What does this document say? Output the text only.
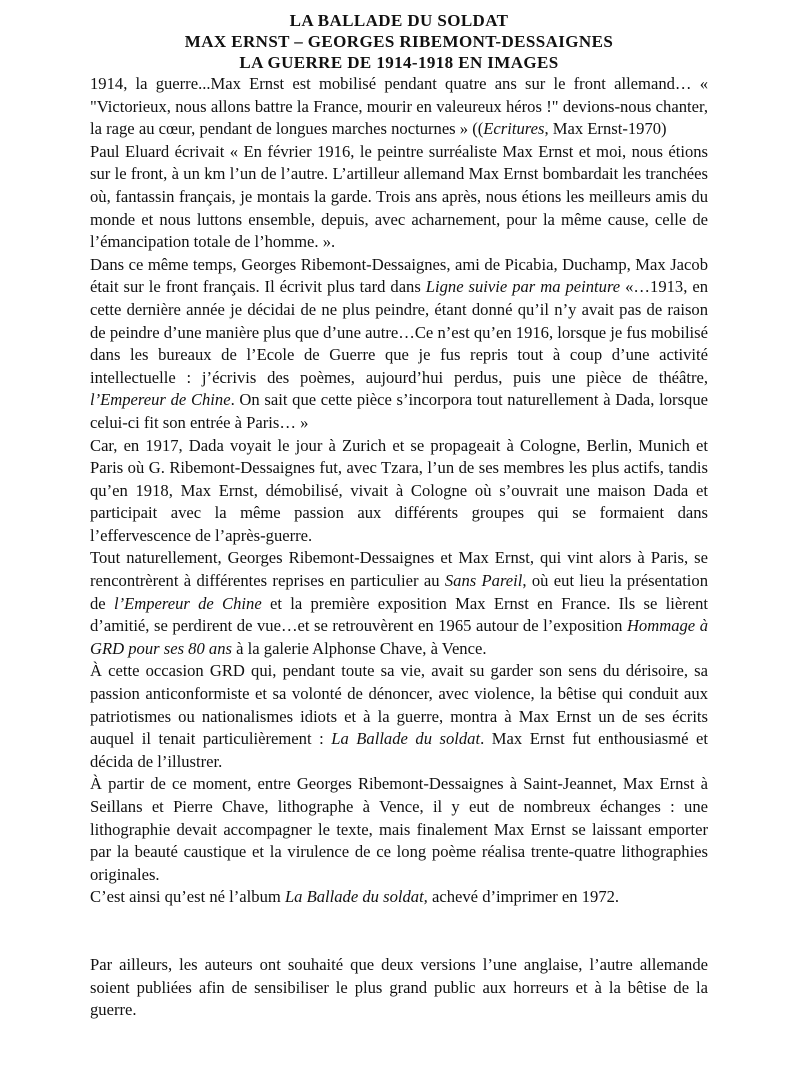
LA BALLADE DU SOLDAT
MAX ERNST – GEORGES RIBEMONT-DESSAIGNES
LA GUERRE DE 1914-1918 EN IMAGES

1914, la guerre...Max Ernst est mobilisé pendant quatre ans sur le front allemand… « "Victorieux, nous allons battre la France, mourir en valeureux héros !" devions-nous chanter, la rage au cœur, pendant de longues marches nocturnes » ((Ecritures, Max Ernst-1970)

Paul Eluard écrivait « En février 1916, le peintre surréaliste Max Ernst et moi, nous étions sur le front, à un km l’un de l’autre. L’artilleur allemand Max Ernst bombardait les tranchées où, fantassin français, je montais la garde. Trois ans après, nous étions les meilleurs amis du monde et nous luttons ensemble, depuis, avec acharnement, pour la même cause, celle de l’émancipation totale de l’homme. ».

Dans ce même temps, Georges Ribemont-Dessaignes, ami de Picabia, Duchamp, Max Jacob était sur le front français. Il écrivit plus tard dans Ligne suivie par ma peinture «…1913, en cette dernière année je décidai de ne plus peindre, étant donné qu’il n’y avait pas de raison de peindre d’une manière plus que d’une autre…Ce n’est qu’en 1916, lorsque je fus mobilisé dans les bureaux de l’Ecole de Guerre que je fus repris tout à coup d’une activité intellectuelle : j’écrivis des poèmes, aujourd’hui perdus, puis une pièce de théâtre, l’Empereur de Chine. On sait que cette pièce s’incorpora tout naturellement à Dada, lorsque celui-ci fit son entrée à Paris… »

Car, en 1917, Dada voyait le jour à Zurich et se propageait à Cologne, Berlin, Munich et Paris où G. Ribemont-Dessaignes fut, avec Tzara, l’un de ses membres les plus actifs, tandis qu’en 1918, Max Ernst, démobilisé, vivait à Cologne où s’ouvrait une maison Dada et participait avec la même passion aux différents groupes qui se formaient dans l’effervescence de l’après-guerre.

Tout naturellement, Georges Ribemont-Dessaignes et Max Ernst, qui vint alors à Paris, se rencontrèrent à différentes reprises en particulier au Sans Pareil, où eut lieu la présentation de l’Empereur de Chine et la première exposition Max Ernst en France. Ils se lièrent d’amitié, se perdirent de vue…et se retrouvèrent en 1965 autour de l’exposition Hommage à GRD pour ses 80 ans à la galerie Alphonse Chave, à Vence.

À cette occasion GRD qui, pendant toute sa vie, avait su garder son sens du dérisoire, sa passion anticonformiste et sa volonté de dénoncer, avec violence, la bêtise qui conduit aux patriotismes ou nationalismes idiots et à la guerre, montra à Max Ernst un de ses écrits auquel il tenait particulièrement : La Ballade du soldat. Max Ernst fut enthousiasmé et décida de l’illustrer.

À partir de ce moment, entre Georges Ribemont-Dessaignes à Saint-Jeannet, Max Ernst à Seillans et Pierre Chave, lithographe à Vence, il y eut de nombreux échanges : une lithographie devait accompagner le texte, mais finalement Max Ernst se laissant emporter par la beauté caustique et la virulence de ce long poème réalisa trente-quatre lithographies originales.

C’est ainsi qu’est né l’album La Ballade du soldat, achevé d’imprimer en 1972.

Par ailleurs, les auteurs ont souhaité que deux versions l’une anglaise, l’autre allemande soient publiées afin de sensibiliser le plus grand public aux horreurs et à la bêtise de la guerre.
